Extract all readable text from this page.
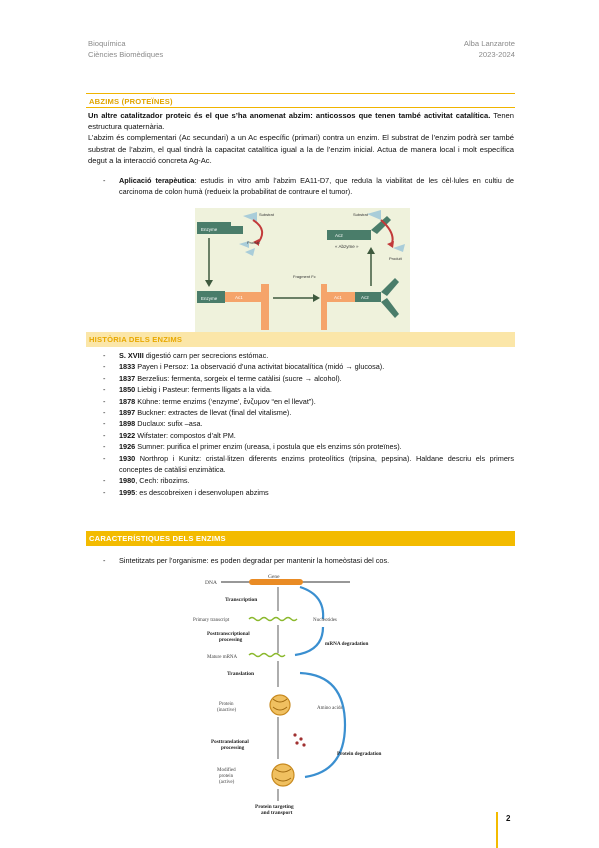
Bioquímica
Ciències Biomèdiques
Alba Lanzarote
2023-2024
ABZIMS (PROTEÏNES)

Un altre catalitzador proteic és el que s’ha anomenat abzim: anticossos que tenen també activitat catalítica. Tenen estructura quaternària.

L’abzim és complementari (Ac secundari) a un Ac específic (primari) contra un enzim. El substrat de l’enzim podrà ser també substrat de l’abzim, el qual tindrà la capacitat catalítica igual a la de l’enzim inicial. Actua de manera local i molt específica degut a la interacció concreta Ag-Ac.

- Aplicació terapèutica: estudis in vitro amb l’abzim EA11-D7, que reduïa la viabilitat de les cèl·lules en cultiu de carcinoma de colon humà (redueix la probabilitat de contraure el tumor).
Enzyme
Substrat
Produit
Enzyme	Ac1
Fragment Fc
Ac1	Ac2
Ac2
« Abzyme »
Substrat
Produit
HISTÒRIA DELS ENZIMS
- S. XVIII digestió carn per secrecions estómac.
- 1833 Payen i Persoz: 1a observació d’una activitat biocatalítica (midó → glucosa).
- 1837 Berzelius: fermenta, sorgeix el terme catàlisi (sucre → alcohol).
- 1850 Liebig i Pasteur: ferments lligats a la vida.
- 1878 Kühne: terme enzims (‘enzyme’, ἔνζυμον “en el llevat”).
- 1897 Buckner: extractes de llevat (final del vitalisme).
- 1898 Duclaux: sufix –asa.
- 1922 Wifstater: compostos d’alt PM.
- 1926 Sumner: purifica el primer enzim (ureasa, i postula que els enzims són proteïnes).
- 1930 Northrop i Kunitz: cristal·litzen diferents enzims proteolítics (tripsina, pepsina). Haldane descriu els primers conceptes de catàlisi enzimàtica.
- 1980, Cech: ribozims.
- 1995: es descobreixen i desenvolupen abzims
CARACTERÍSTIQUES DELS ENZIMS
- Sintetitzats per l’organisme: es poden degradar per mantenir la homeòstasi del cos.
DNA
Gene
Transcription
Primary transcript	Nucleotides
Posttranscriptional
processing
mRNA degradation
Mature mRNA
Translation
Protein
(inactive)	Amino acids
Posttranslational
processing
Protein degradation
Modified
protein
(active)
Protein targeting
and transport
2
